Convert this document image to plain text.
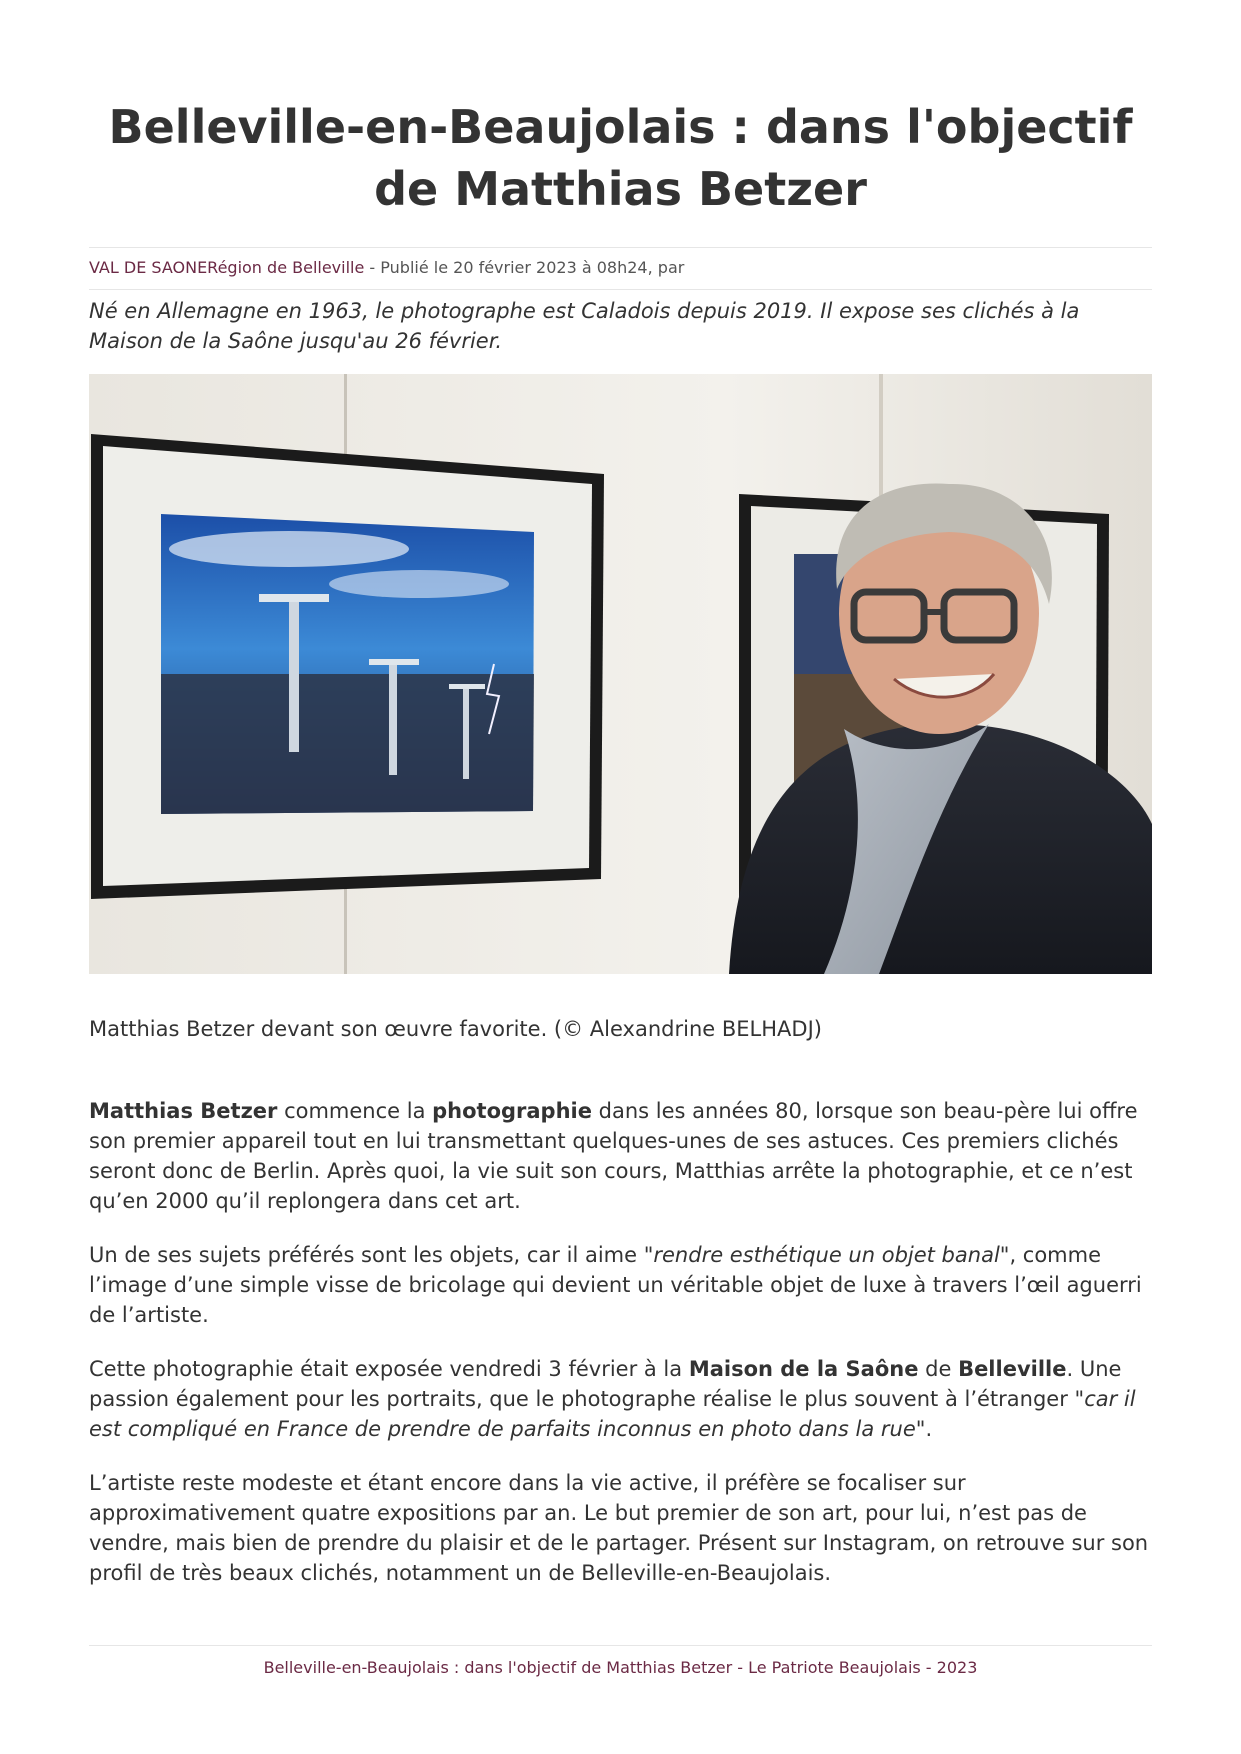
Belleville-en-Beaujolais : dans l'objectif de Matthias Betzer
VAL DE SAONERégion de Belleville - Publié le 20 février 2023 à 08h24, par
Né en Allemagne en 1963, le photographe est Caladois depuis 2019. Il expose ses clichés à la Maison de la Saône jusqu'au 26 février.
Matthias Betzer devant son œuvre favorite. (© Alexandrine BELHADJ)

Matthias Betzer commence la photographie dans les années 80, lorsque son beau-père lui offre son premier appareil tout en lui transmettant quelques-unes de ses astuces. Ces premiers clichés seront donc de Berlin. Après quoi, la vie suit son cours, Matthias arrête la photographie, et ce n’est qu’en 2000 qu’il replongera dans cet art.

Un de ses sujets préférés sont les objets, car il aime "rendre esthétique un objet banal", comme l’image d’une simple visse de bricolage qui devient un véritable objet de luxe à travers l’œil aguerri de l’artiste.

Cette photographie était exposée vendredi 3 février à la Maison de la Saône de Belleville. Une passion également pour les portraits, que le photographe réalise le plus souvent à l’étranger "car il est compliqué en France de prendre de parfaits inconnus en photo dans la rue".

L’artiste reste modeste et étant encore dans la vie active, il préfère se focaliser sur approximativement quatre expositions par an. Le but premier de son art, pour lui, n’est pas de vendre, mais bien de prendre du plaisir et de le partager. Présent sur Instagram, on retrouve sur son profil de très beaux clichés, notamment un de Belleville-en-Beaujolais.

Belleville-en-Beaujolais : dans l'objectif de Matthias Betzer - Le Patriote Beaujolais - 2023
